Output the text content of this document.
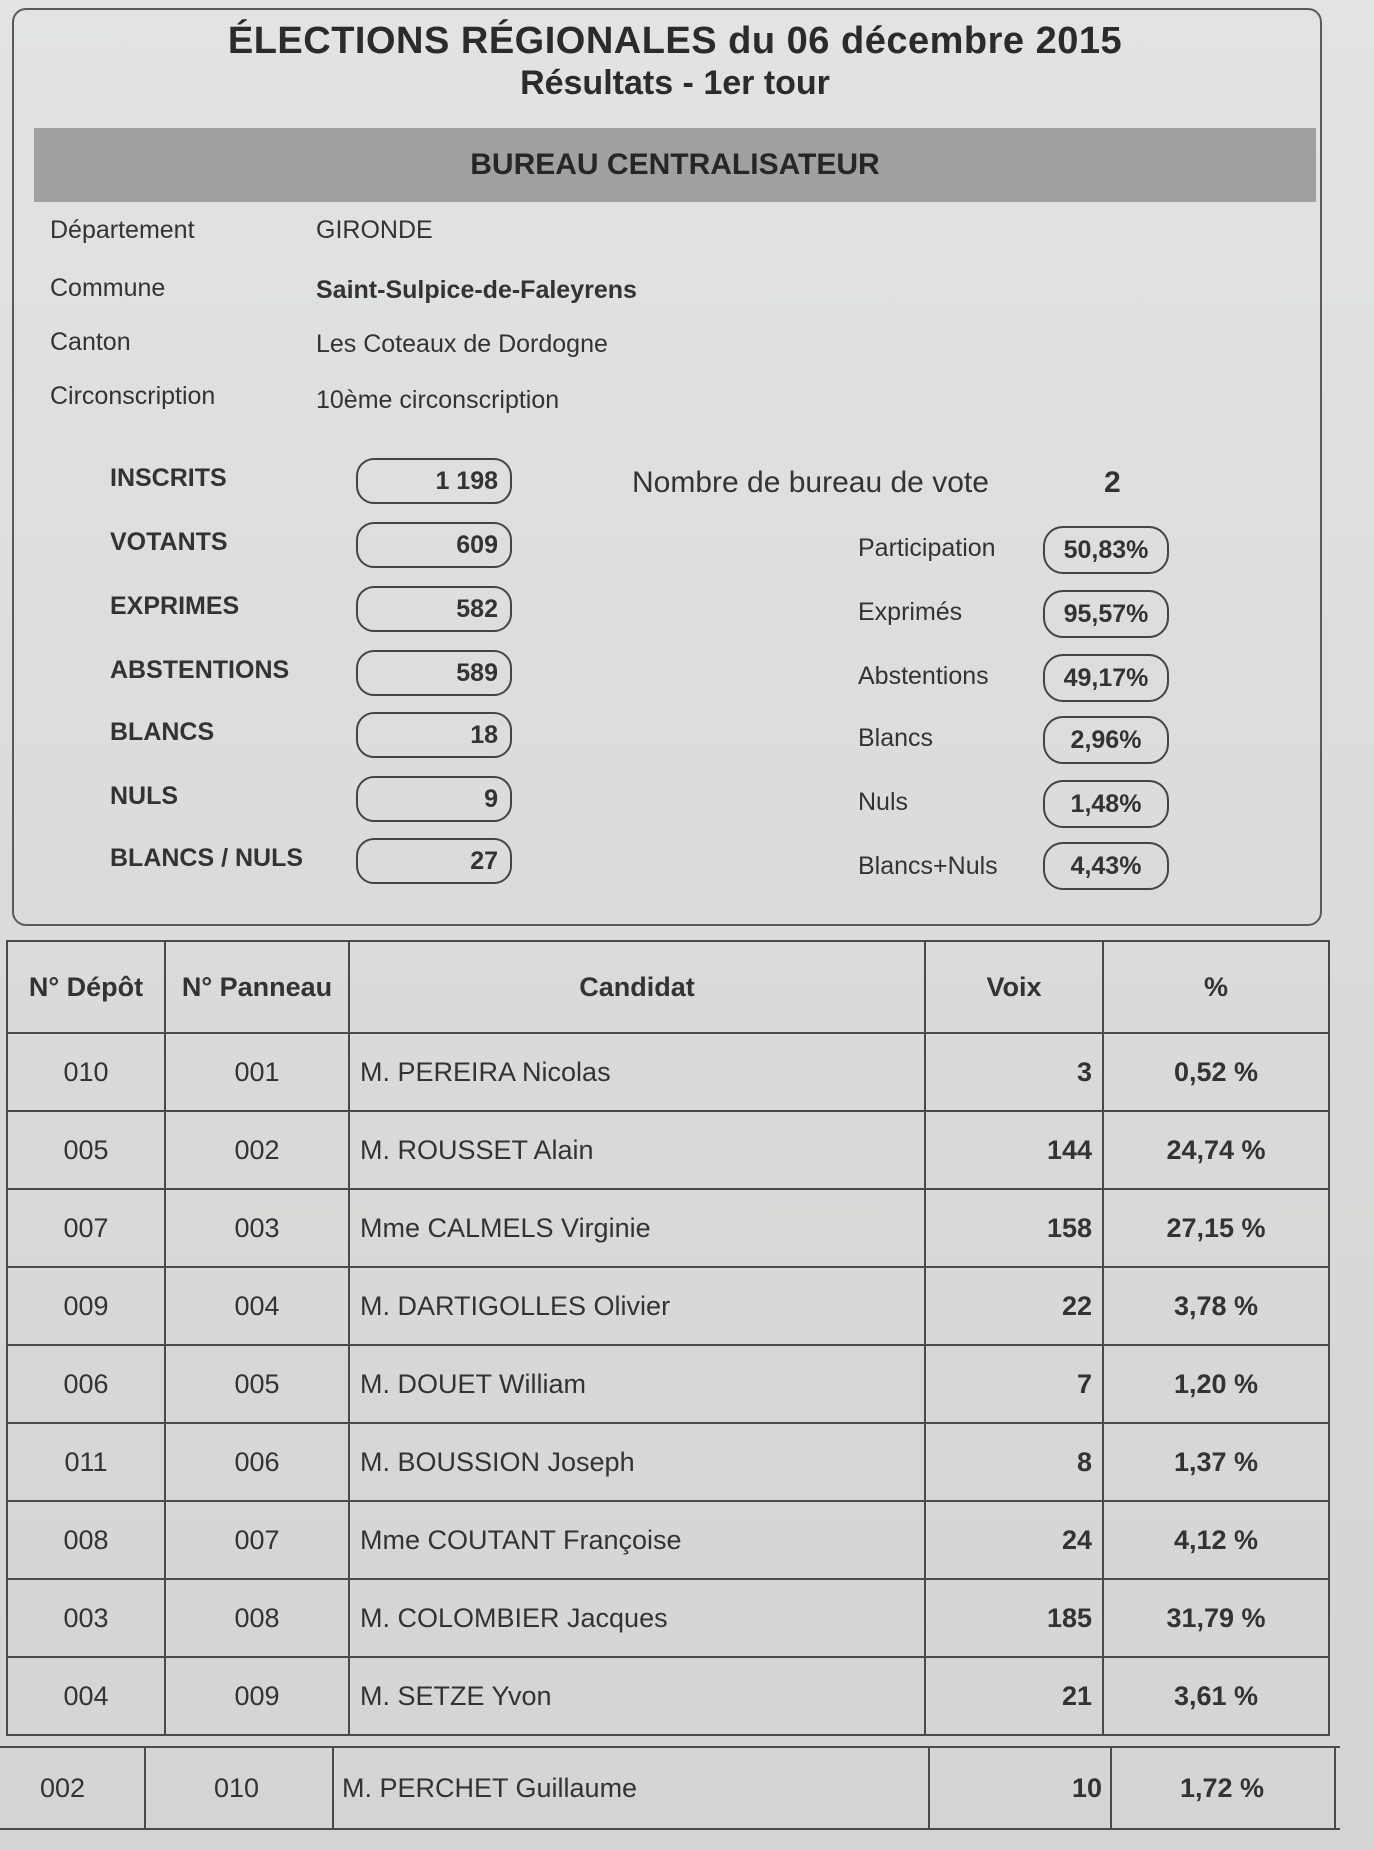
ÉLECTIONS RÉGIONALES du 06 décembre 2015
Résultats - 1er tour
BUREAU CENTRALISATEUR
Département	GIRONDE
Commune	Saint-Sulpice-de-Faleyrens
Canton	Les Coteaux de Dordogne
Circonscription	10ème circonscription
INSCRITS	1 198
VOTANTS	609
EXPRIMES	582
ABSTENTIONS	589
BLANCS	18
NULS	9
BLANCS / NULS	27
Nombre de bureau de vote	2
Participation	50,83%
Exprimés	95,57%
Abstentions	49,17%
Blancs	2,96%
Nuls	1,48%
Blancs+Nuls	4,43%
N° Dépôt	N° Panneau	Candidat	Voix	%
010	001	M. PEREIRA Nicolas	3	0,52 %
005	002	M. ROUSSET Alain	144	24,74 %
007	003	Mme CALMELS Virginie	158	27,15 %
009	004	M. DARTIGOLLES Olivier	22	3,78 %
006	005	M. DOUET William	7	1,20 %
011	006	M. BOUSSION Joseph	8	1,37 %
008	007	Mme COUTANT Françoise	24	4,12 %
003	008	M. COLOMBIER Jacques	185	31,79 %
004	009	M. SETZE Yvon	21	3,61 %
002	010	M. PERCHET Guillaume	10	1,72 %
